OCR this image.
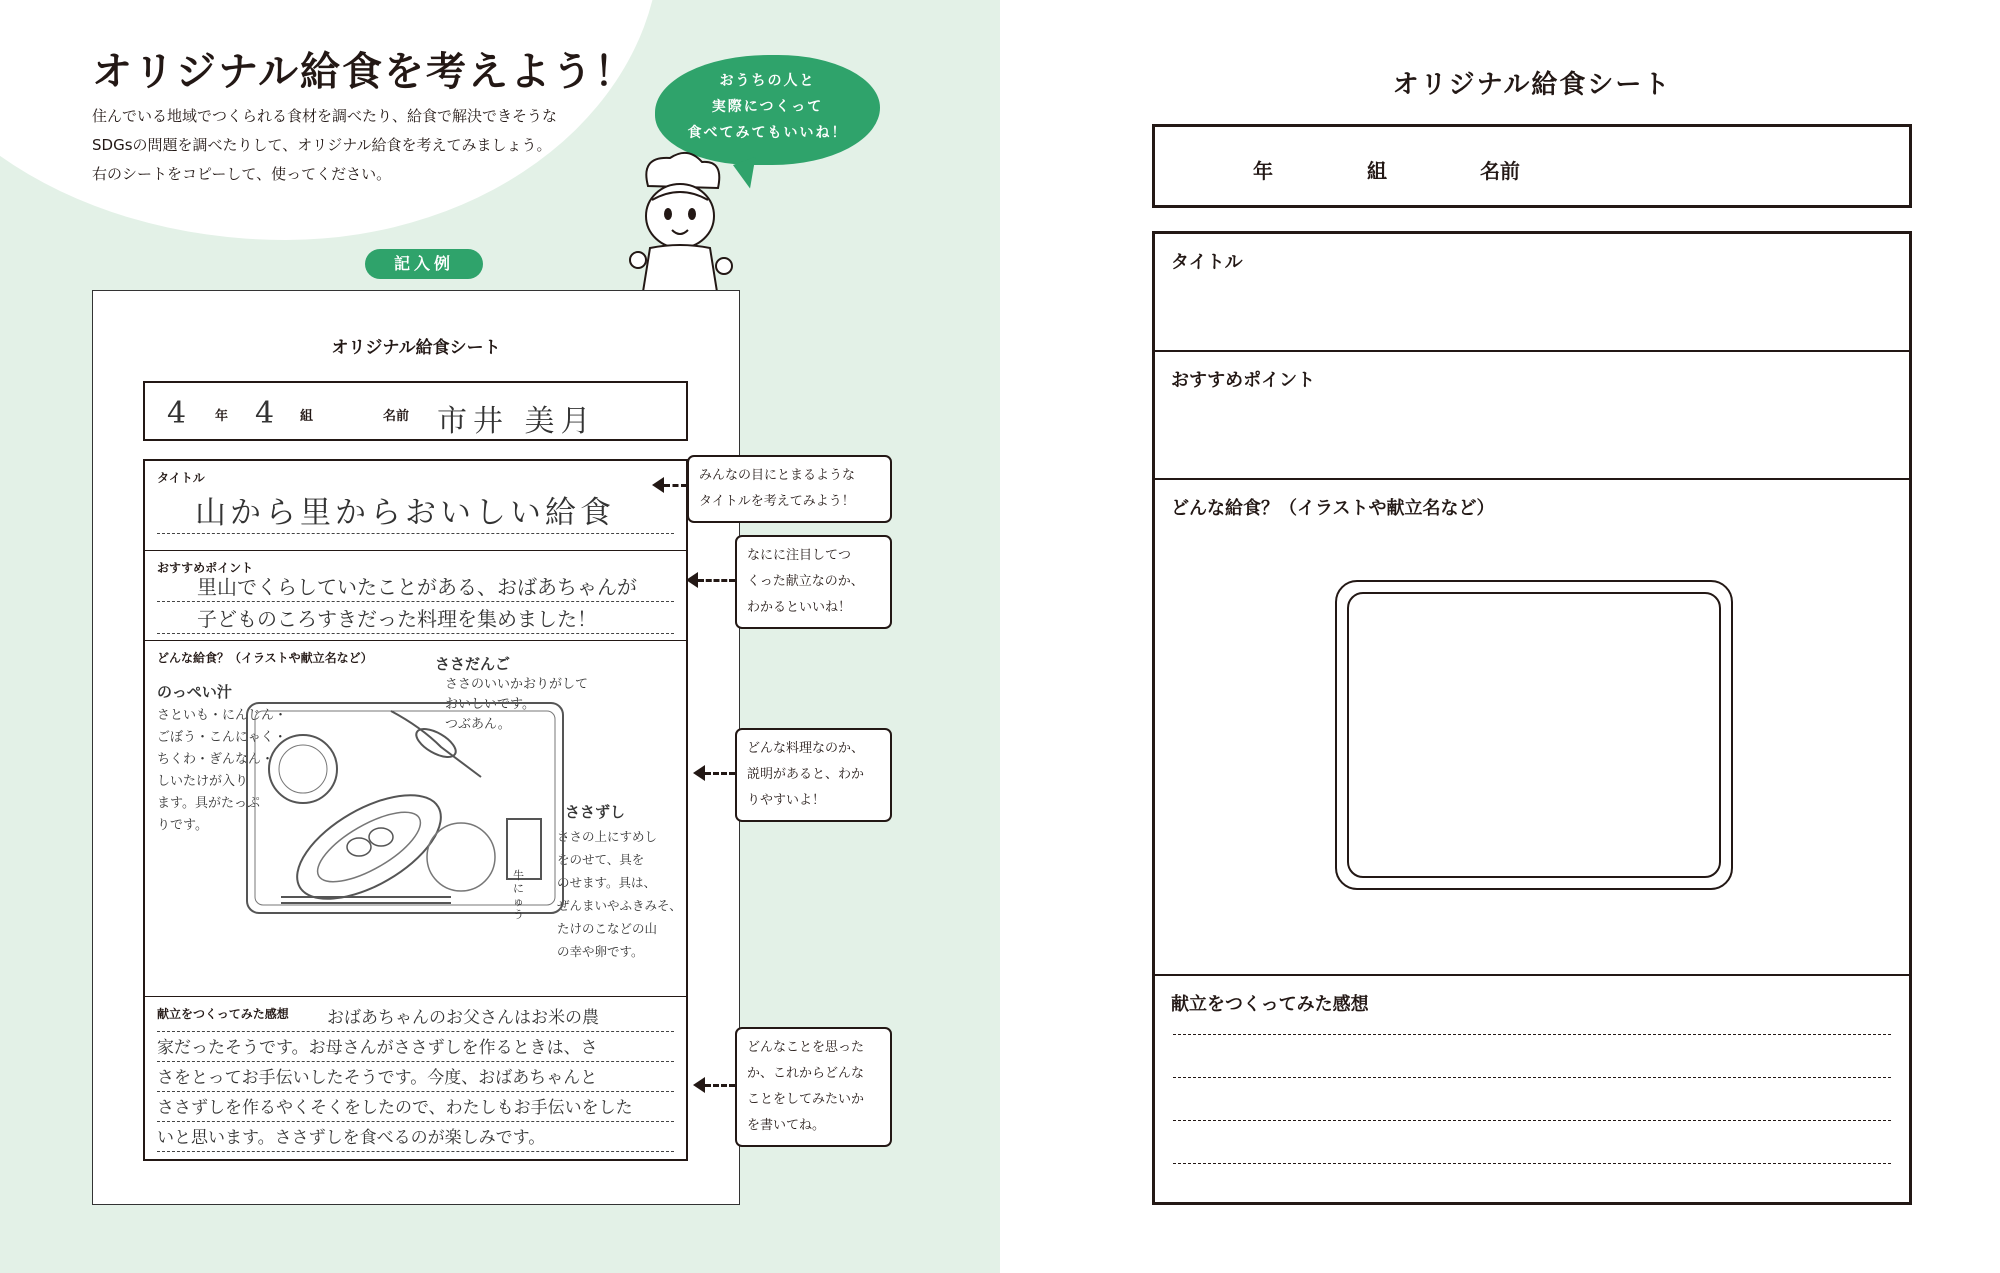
オリジナル給食を考えよう！
住んでいる地域でつくられる食材を調べたり、給食で解決できそうな
SDGsの問題を調べたりして、オリジナル給食を考えてみましょう。
右のシートをコピーして、使ってください。
おうちの人と
実際につくって
食べてみてもいいね！
記入例
オリジナル給食シート
4 年 4 組	名前 市井 美月
タイトル
山から里からおいしい給食
おすすめポイント
里山でくらしていたことがある、おばあちゃんが
子どものころすきだった料理を集めました！
どんな給食？（イラストや献立名など）
のっぺい汁
さといも・にんじん・
ごぼう・こんにゃく・
ちくわ・ぎんなん・
しいたけが入り
ます。具がたっぷ
りです。
ささだんご
ささのいいかおりがして
おいしいです。
つぶあん。
ささずし
ささの上にすめし
をのせて、具を
のせます。具は、
ぜんまいやふきみそ、
たけのこなどの山
の幸や卵です。
牛にゅう
献立をつくってみた感想	おばあちゃんのお父さんはお米の農
家だったそうです。お母さんがささずしを作るときは、さ
さをとってお手伝いしたそうです。今度、おばあちゃんと
ささずしを作るやくそくをしたので、わたしもお手伝いをした
いと思います。ささずしを食べるのが楽しみです。
みんなの目にとまるような
タイトルを考えてみよう！
なにに注目してつ
くった献立なのか、
わかるといいね！
どんな料理なのか、
説明があると、わか
りやすいよ！
どんなことを思った
か、これからどんな
ことをしてみたいか
を書いてね。
オリジナル給食シート
年	組	名前
タイトル
おすすめポイント
どんな給食？（イラストや献立名など）
献立をつくってみた感想
